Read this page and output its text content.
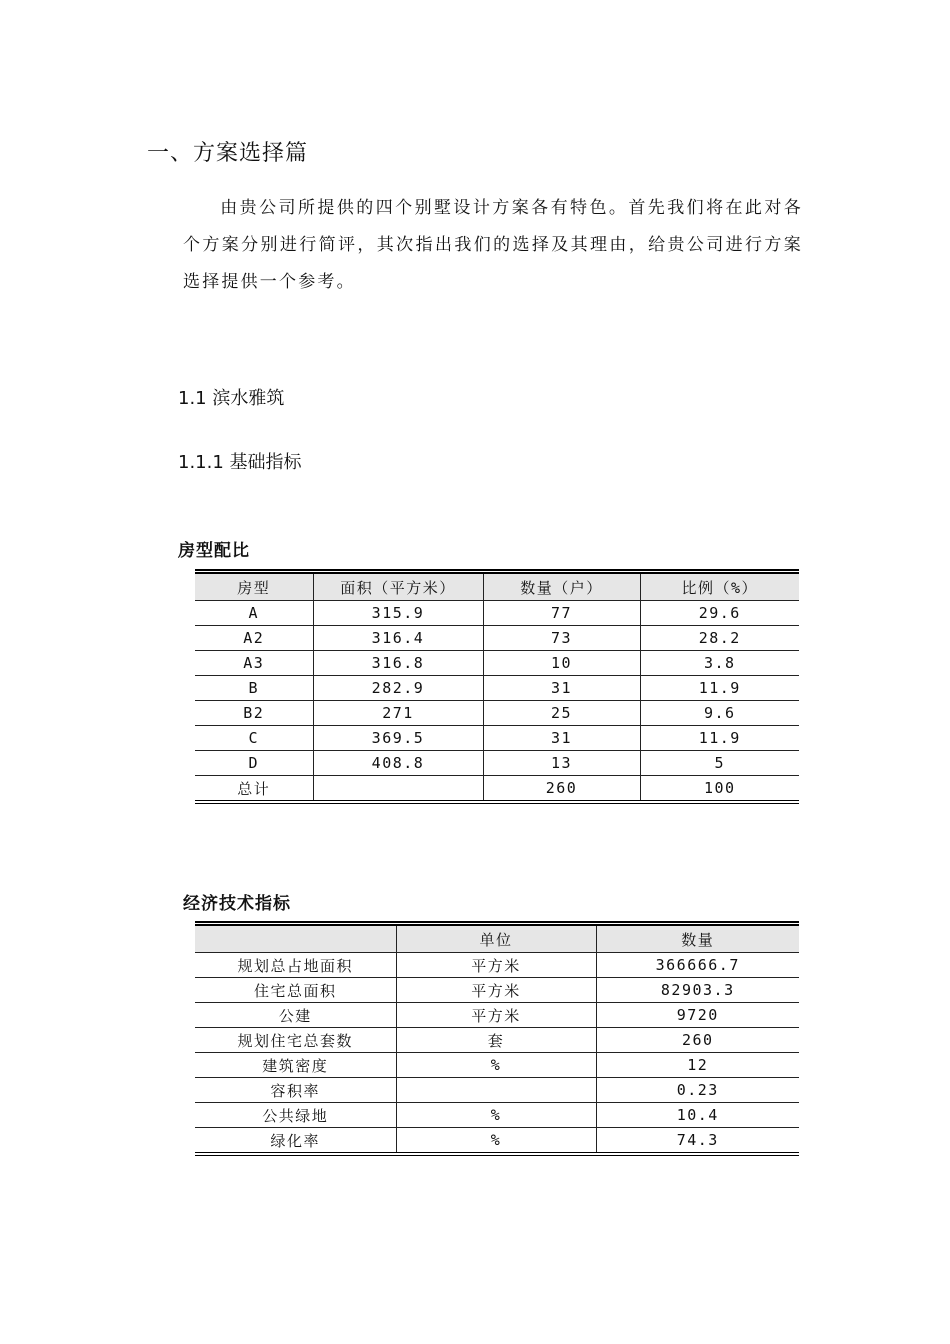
一、方案选择篇
由贵公司所提供的四个别墅设计方案各有特色。首先我们将在此对各个方案分别进行简评，其次指出我们的选择及其理由，给贵公司进行方案选择提供一个参考。
1.1 滨水雅筑
1.1.1 基础指标
房型配比
房型	面积（平方米）	数量（户）	比例（%）
A	315.9	77	29.6
A2	316.4	73	28.2
A3	316.8	10	3.8
B	282.9	31	11.9
B2	271	25	9.6
C	369.5	31	11.9
D	408.8	13	5
总计		260	100
经济技术指标
	单位	数量
规划总占地面积	平方米	366666.7
住宅总面积	平方米	82903.3
公建	平方米	9720
规划住宅总套数	套	260
建筑密度	%	12
容积率		0.23
公共绿地	%	10.4
绿化率	%	74.3
